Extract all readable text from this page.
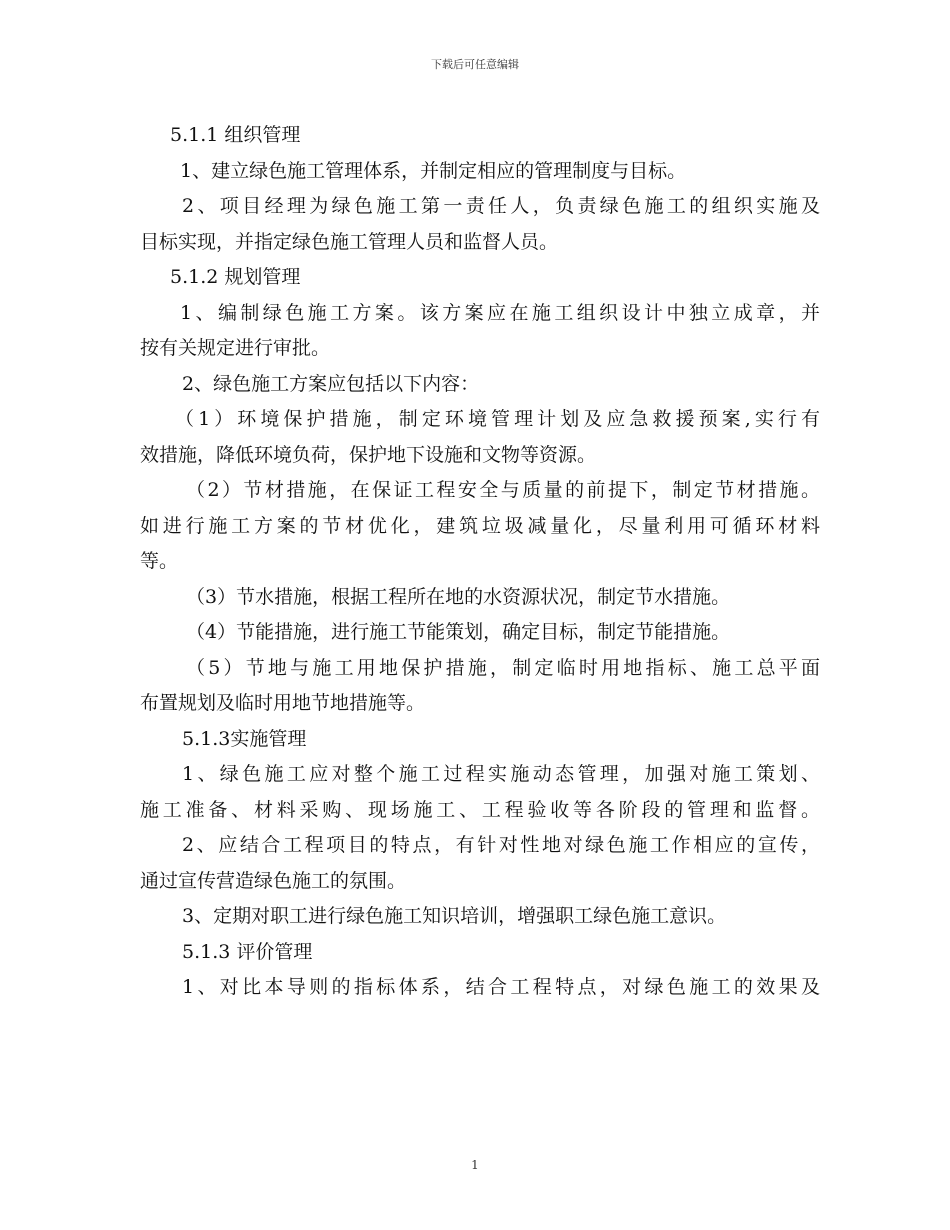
下载后可任意编辑
5.1.1 组织管理
1、建立绿色施工管理体系，并制定相应的管理制度与目标。
2、项目经理为绿色施工第一责任人，负责绿色施工的组织实施及
目标实现，并指定绿色施工管理人员和监督人员。
5.1.2 规划管理
1、编制绿色施工方案。该方案应在施工组织设计中独立成章，并
按有关规定进行审批。
2、绿色施工方案应包括以下内容：
（1）环境保护措施，制定环境管理计划及应急救援预案,实行有
效措施，降低环境负荷，保护地下设施和文物等资源。
（2）节材措施，在保证工程安全与质量的前提下，制定节材措施。
如进行施工方案的节材优化，建筑垃圾减量化，尽量利用可循环材料
等。
（3）节水措施，根据工程所在地的水资源状况，制定节水措施。
（4）节能措施，进行施工节能策划，确定目标，制定节能措施。
（5）节地与施工用地保护措施，制定临时用地指标、施工总平面
布置规划及临时用地节地措施等。
5.1.3实施管理
1、绿色施工应对整个施工过程实施动态管理，加强对施工策划、
施工准备、材料采购、现场施工、工程验收等各阶段的管理和监督。
2、应结合工程项目的特点，有针对性地对绿色施工作相应的宣传，
通过宣传营造绿色施工的氛围。
3、定期对职工进行绿色施工知识培训，增强职工绿色施工意识。
5.1.3 评价管理
1、对比本导则的指标体系，结合工程特点，对绿色施工的效果及
1
